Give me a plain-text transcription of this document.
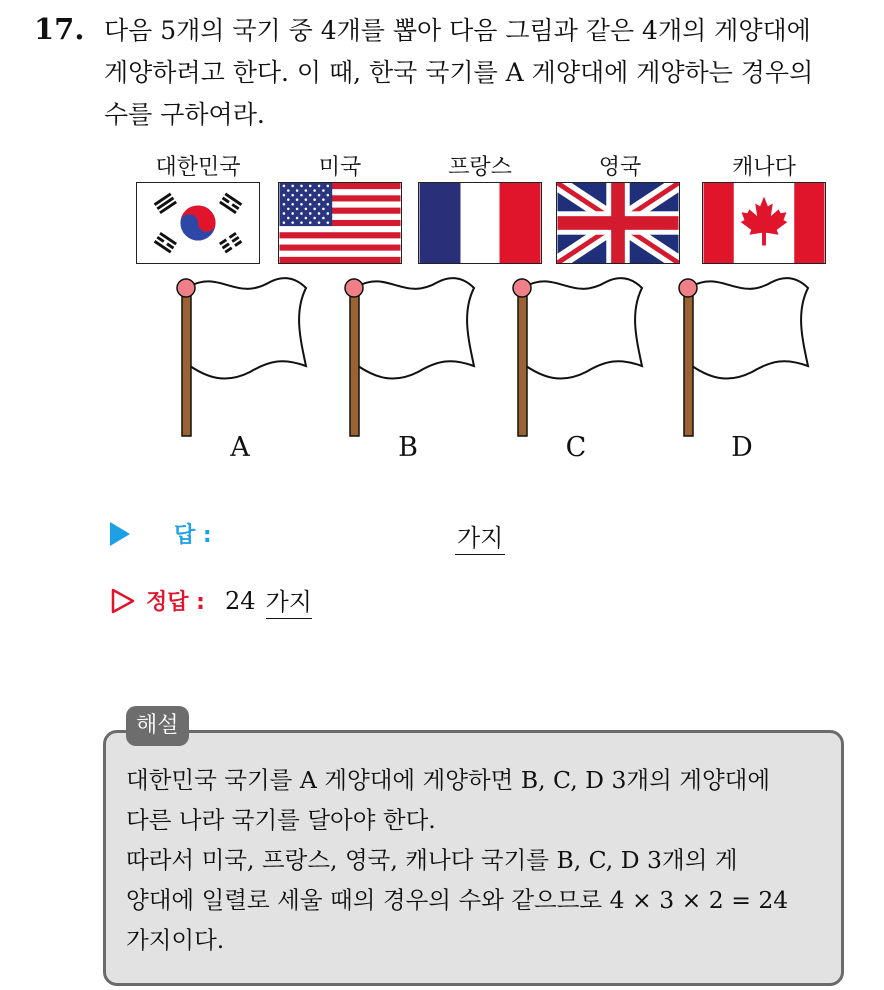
17. 다음 5개의 국기 중 4개를 뽑아 다음 그림과 같은 4개의 게양대에
게양하려고 한다. 이 때, 한국 국기를 A 게양대에 게양하는 경우의
수를 구하여라.
대한민국	미국	프랑스	영국	캐나다
A	B	C	D
답 :	가지
정답 : 24 가지
해설
대한민국 국기를 A 게양대에 게양하면 B, C, D 3개의 게양대에
다른 나라 국기를 달아야 한다.
따라서 미국, 프랑스, 영국, 캐나다 국기를 B, C, D 3개의 게
양대에 일렬로 세울 때의 경우의 수와 같으므로 4 × 3 × 2 = 24
가지이다.
